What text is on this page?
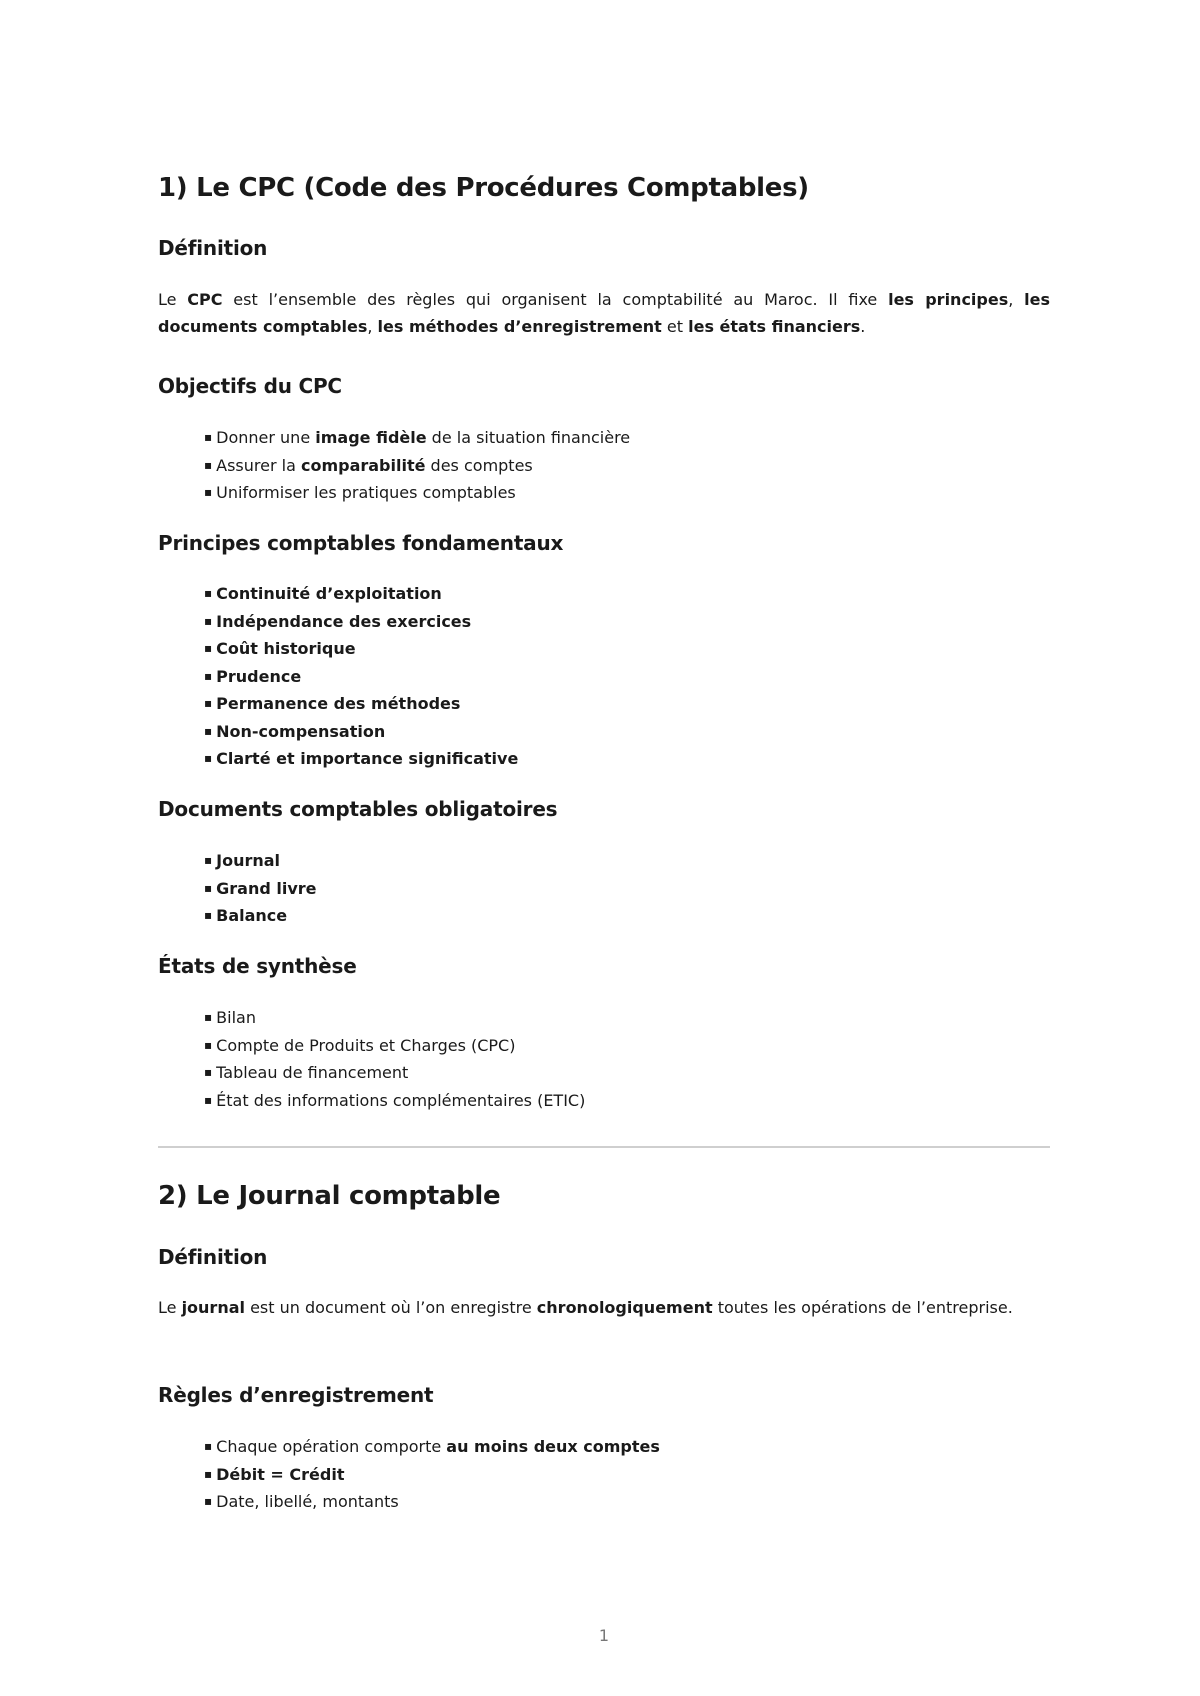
1) Le CPC (Code des Procédures Comptables)
Définition

Le CPC est l’ensemble des règles qui organisent la comptabilité au Maroc. Il fixe les principes, les documents comptables, les méthodes d’enregistrement et les états financiers.

Objectifs du CPC
▪ Donner une image fidèle de la situation financière
▪ Assurer la comparabilité des comptes
▪ Uniformiser les pratiques comptables
Principes comptables fondamentaux
▪ Continuité d’exploitation
▪ Indépendance des exercices
▪ Coût historique
▪ Prudence
▪ Permanence des méthodes
▪ Non-compensation
▪ Clarté et importance significative
Documents comptables obligatoires
▪ Journal
▪ Grand livre
▪ Balance
États de synthèse
▪ Bilan
▪ Compte de Produits et Charges (CPC)
▪ Tableau de financement
▪ État des informations complémentaires (ETIC)
2) Le Journal comptable
Définition

Le journal est un document où l’on enregistre chronologiquement toutes les opérations de l’entreprise.

Règles d’enregistrement
▪ Chaque opération comporte au moins deux comptes
▪ Débit = Crédit
▪ Date, libellé, montants
1
